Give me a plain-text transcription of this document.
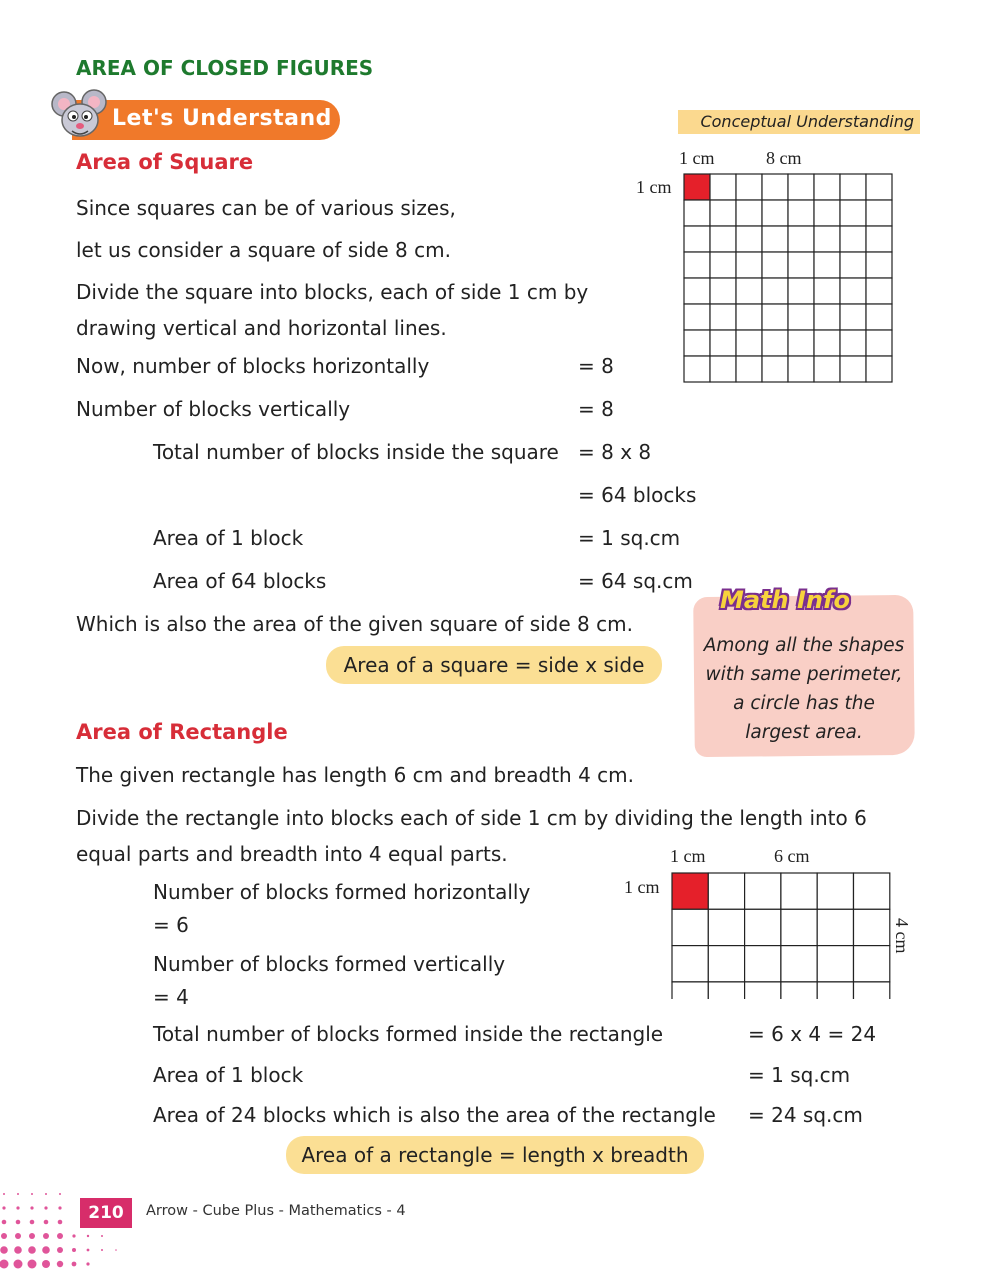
AREA OF CLOSED FIGURES
Let's Understand	Conceptual Understanding
Area of Square
Since squares can be of various sizes,
let us consider a square of side 8 cm.
Divide the square into blocks, each of side 1 cm by
drawing vertical and horizontal lines.
Now, number of blocks horizontally	= 8
Number of blocks vertically	= 8
Total number of blocks inside the square = 8 x 8
= 64 blocks
Area of 1 block	= 1 sq.cm
Area of 64 blocks	= 64 sq.cm
Which is also the area of the given square of side 8 cm.
Area of a square = side x side
1 cm	8 cm
1 cm
Math Info
Among all the shapes
with same perimeter,
a circle has the
largest area.
Area of Rectangle
The given rectangle has length 6 cm and breadth 4 cm.
Divide the rectangle into blocks each of side 1 cm by dividing the length into 6
equal parts and breadth into 4 equal parts.
Number of blocks formed horizontally
= 6
Number of blocks formed vertically
= 4
Total number of blocks formed inside the rectangle	= 6 x 4 = 24
Area of 1 block	= 1 sq.cm
Area of 24 blocks which is also the area of the rectangle = 24 sq.cm
Area of a rectangle = length x breadth
1 cm	6 cm
1 cm
4 cm
210	Arrow - Cube Plus - Mathematics - 4
